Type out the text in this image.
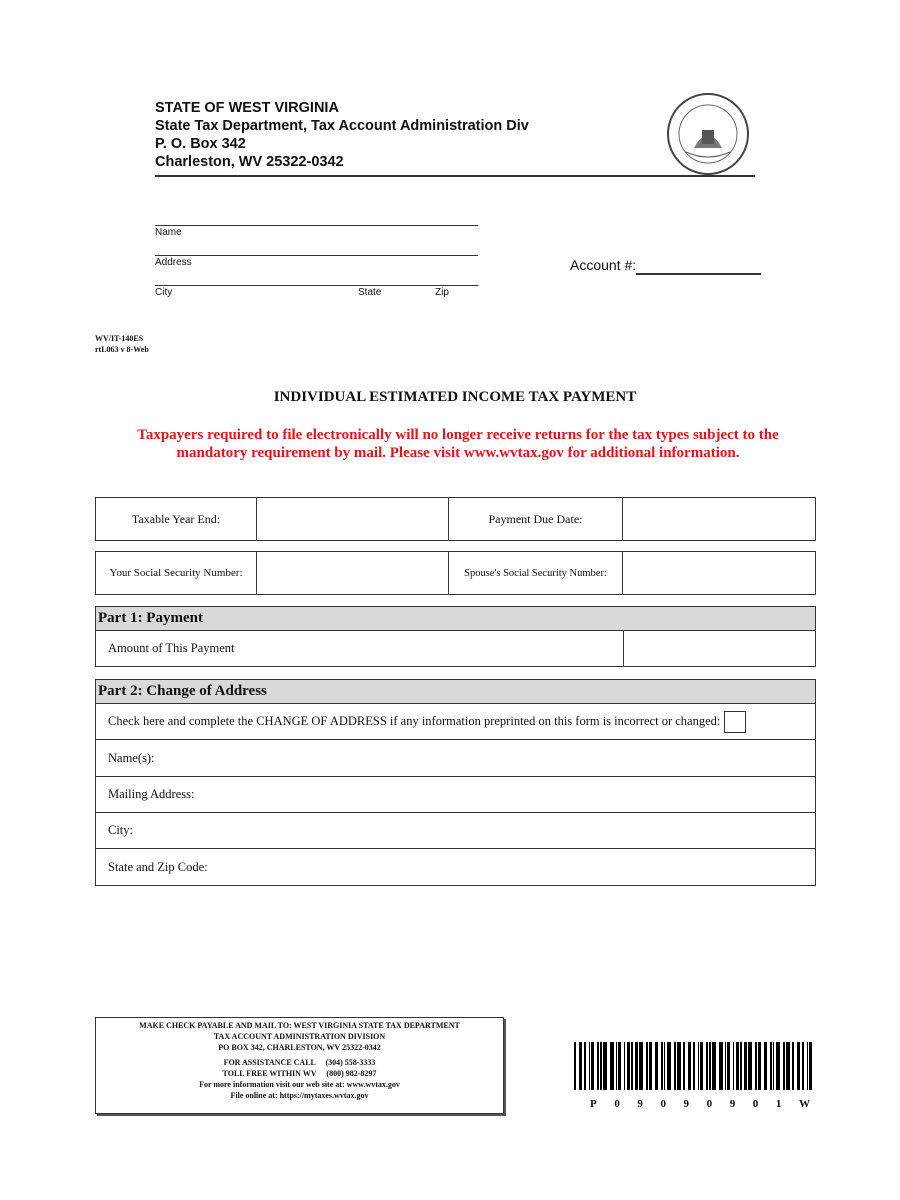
STATE OF WEST VIRGINIA
State Tax Department, Tax Account Administration Div
P. O. Box 342
Charleston, WV 25322-0342
Name
Address
City	State	Zip
Account #:
WV/IT-140ES
rtL063 v 8-Web
INDIVIDUAL ESTIMATED INCOME TAX PAYMENT
Taxpayers required to file electronically will no longer receive returns for the tax types subject to the
mandatory requirement by mail. Please visit www.wvtax.gov for additional information.
Taxable Year End:	Payment Due Date:
Your Social Security Number:	Spouse's Social Security Number:
Part 1: Payment
Amount of This Payment
Part 2: Change of Address
Check here and complete the CHANGE OF ADDRESS if any information preprinted on this form is incorrect or changed:
Name(s):
Mailing Address:
City:
State and Zip Code:
MAKE CHECK PAYABLE AND MAIL TO: WEST VIRGINIA STATE TAX DEPARTMENT
TAX ACCOUNT ADMINISTRATION DIVISION
PO BOX 342, CHARLESTON, WV 25322-0342
FOR ASSISTANCE CALL     (304) 558-3333
TOLL FREE WITHIN WV     (800) 982-8297
For more information visit our web site at: www.wvtax.gov
File online at: https://mytaxes.wvtax.gov
P 0 9 0 9 0 9 0 1 W
